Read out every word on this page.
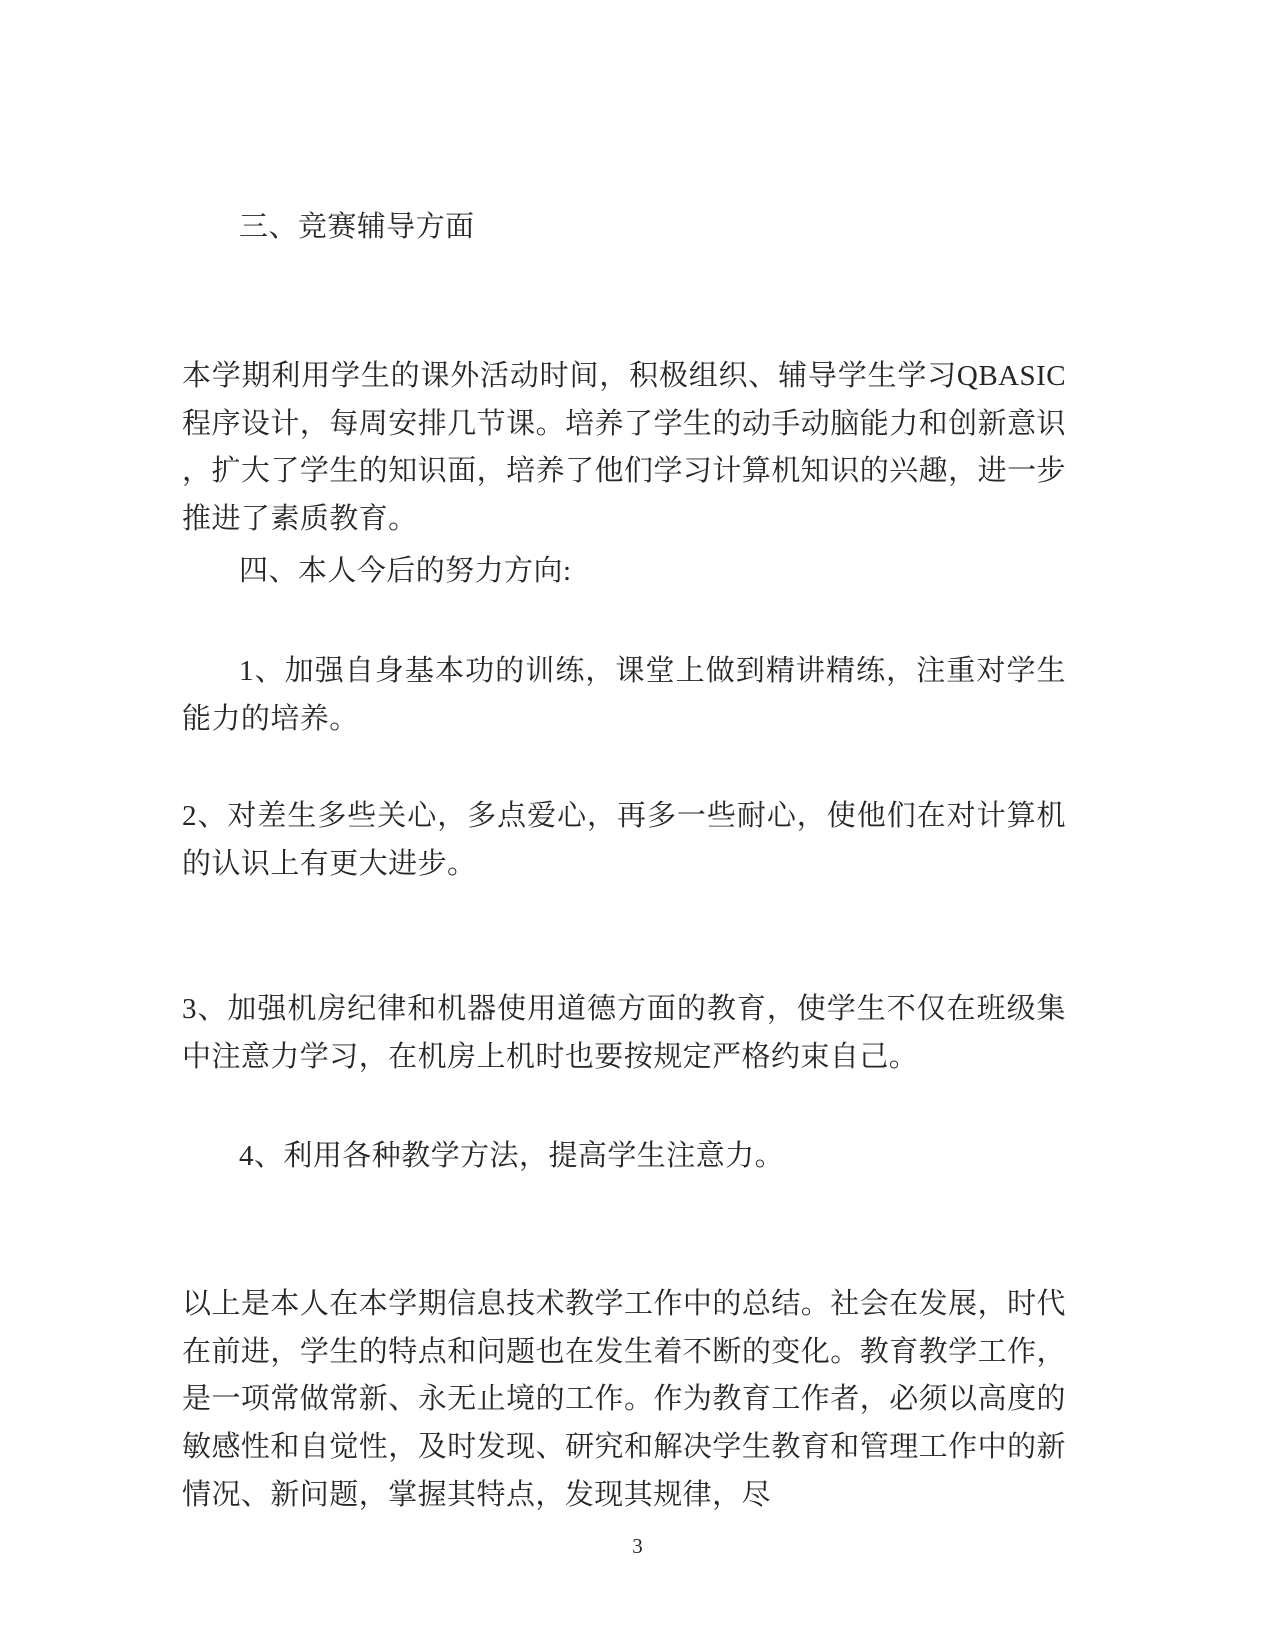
三、竞赛辅导方面
本学期利用学生的课外活动时间，积极组织、辅导学生学习QBASIC程序设计，每周安排几节课。培养了学生的动手动脑能力和创新意识，扩大了学生的知识面，培养了他们学习计算机知识的兴趣，进一步推进了素质教育。
四、本人今后的努力方向:
1、加强自身基本功的训练，课堂上做到精讲精练，注重对学生能力的培养。
2、对差生多些关心，多点爱心，再多一些耐心，使他们在对计算机的认识上有更大进步。
3、加强机房纪律和机器使用道德方面的教育，使学生不仅在班级集中注意力学习，在机房上机时也要按规定严格约束自己。
4、利用各种教学方法，提高学生注意力。
以上是本人在本学期信息技术教学工作中的总结。社会在发展，时代在前进，学生的特点和问题也在发生着不断的变化。教育教学工作，是一项常做常新、永无止境的工作。作为教育工作者，必须以高度的敏感性和自觉性，及时发现、研究和解决学生教育和管理工作中的新情况、新问题，掌握其特点，发现其规律，尽
3
